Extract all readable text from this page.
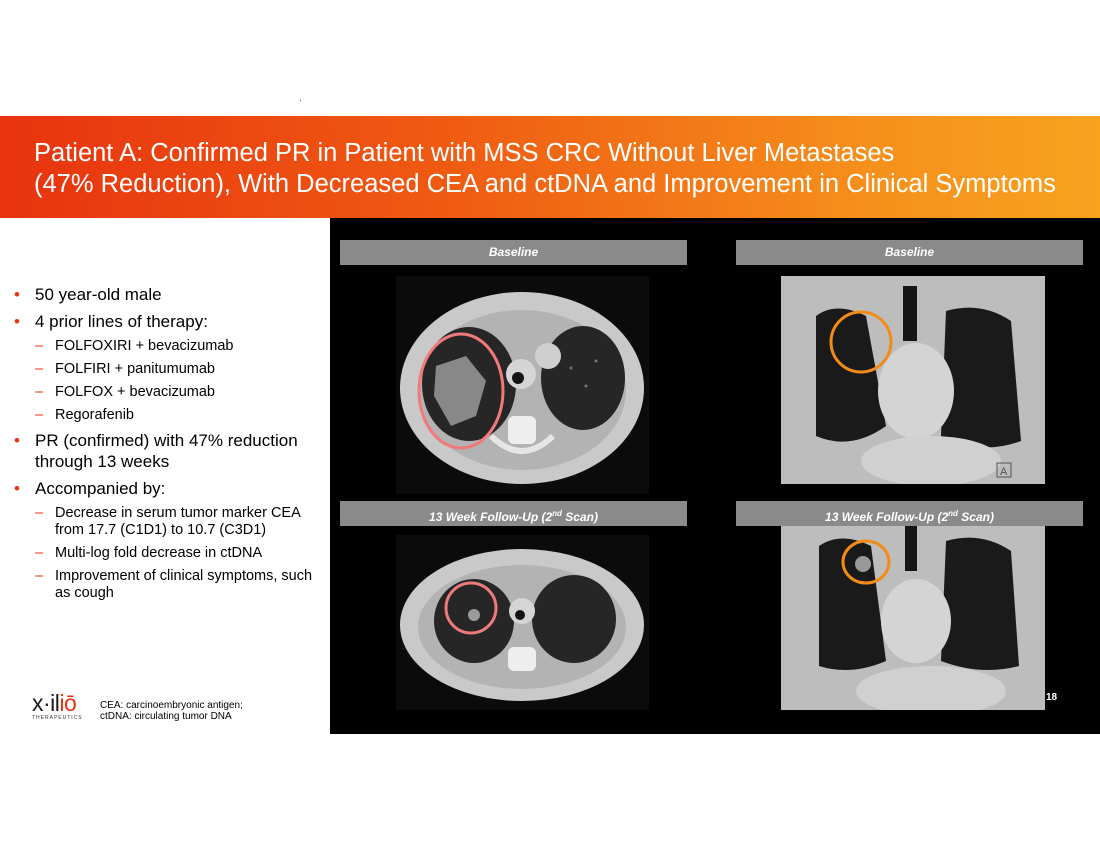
Patient A: Confirmed PR in Patient with MSS CRC Without Liver Metastases
(47% Reduction), With Decreased CEA and ctDNA and Improvement in Clinical Symptoms
• 50 year-old male
• 4 prior lines of therapy:
– FOLFOXIRI + bevacizumab
– FOLFIRI + panitumumab
– FOLFOX + bevacizumab
– Regorafenib
• PR (confirmed) with 47% reduction through 13 weeks
• Accompanied by:
– Decrease in serum tumor marker CEA from 17.7 (C1D1) to 10.7 (C3D1)
– Multi-log fold decrease in ctDNA
– Improvement of clinical symptoms, such as cough
x·iliō
THERAPEUTICS
CEA: carcinoembryonic antigen;
ctDNA: circulating tumor DNA
Baseline	Baseline
13 Week Follow-Up (2nd Scan)	13 Week Follow-Up (2nd Scan)
A
18
